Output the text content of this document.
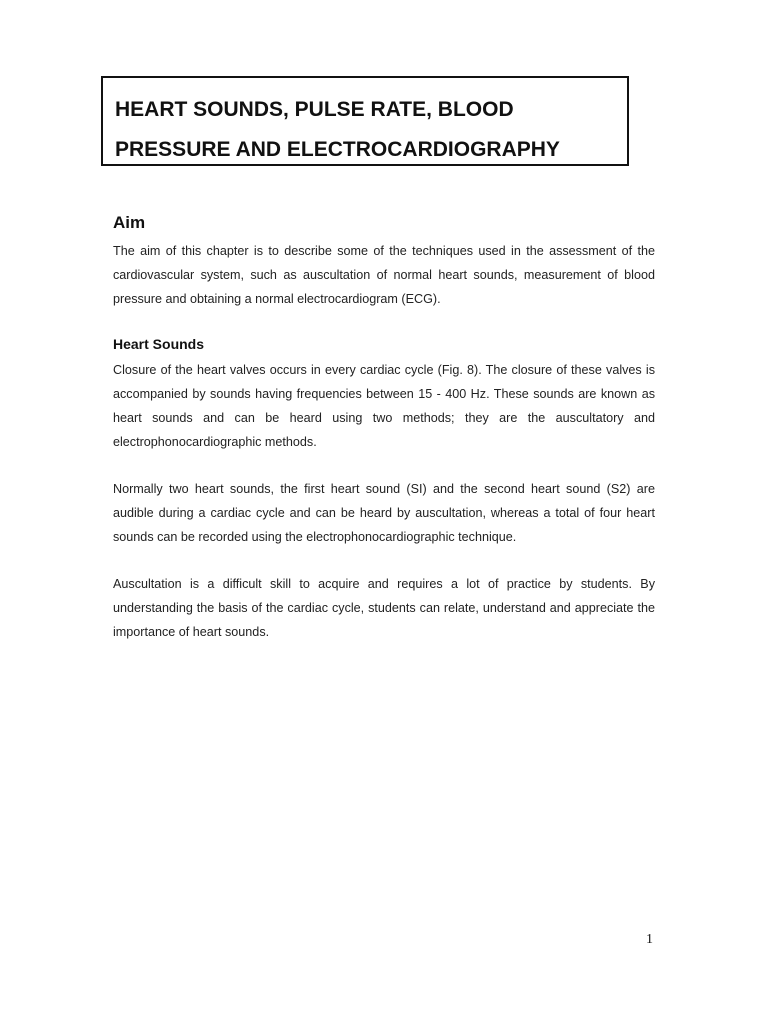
HEART SOUNDS, PULSE RATE, BLOOD
PRESSURE AND ELECTROCARDIOGRAPHY
Aim

The aim of this chapter is to describe some of the techniques used in the assessment of the cardiovascular system, such as auscultation of normal heart sounds, measurement of blood pressure and obtaining a normal electrocardiogram (ECG).

Heart Sounds

Closure of the heart valves occurs in every cardiac cycle (Fig. 8). The closure of these valves is accompanied by sounds having frequencies between 15 - 400 Hz. These sounds are known as heart sounds and can be heard using two methods; they are the auscultatory and electrophonocardiographic methods.

Normally two heart sounds, the first heart sound (SI) and the second heart sound (S2) are audible during a cardiac cycle and can be heard by auscultation, whereas a total of four heart sounds can be recorded using the electrophonocardiographic technique.

Auscultation is a difficult skill to acquire and requires a lot of practice by students. By understanding the basis of the cardiac cycle, students can relate, understand and appreciate the importance of heart sounds.

1
